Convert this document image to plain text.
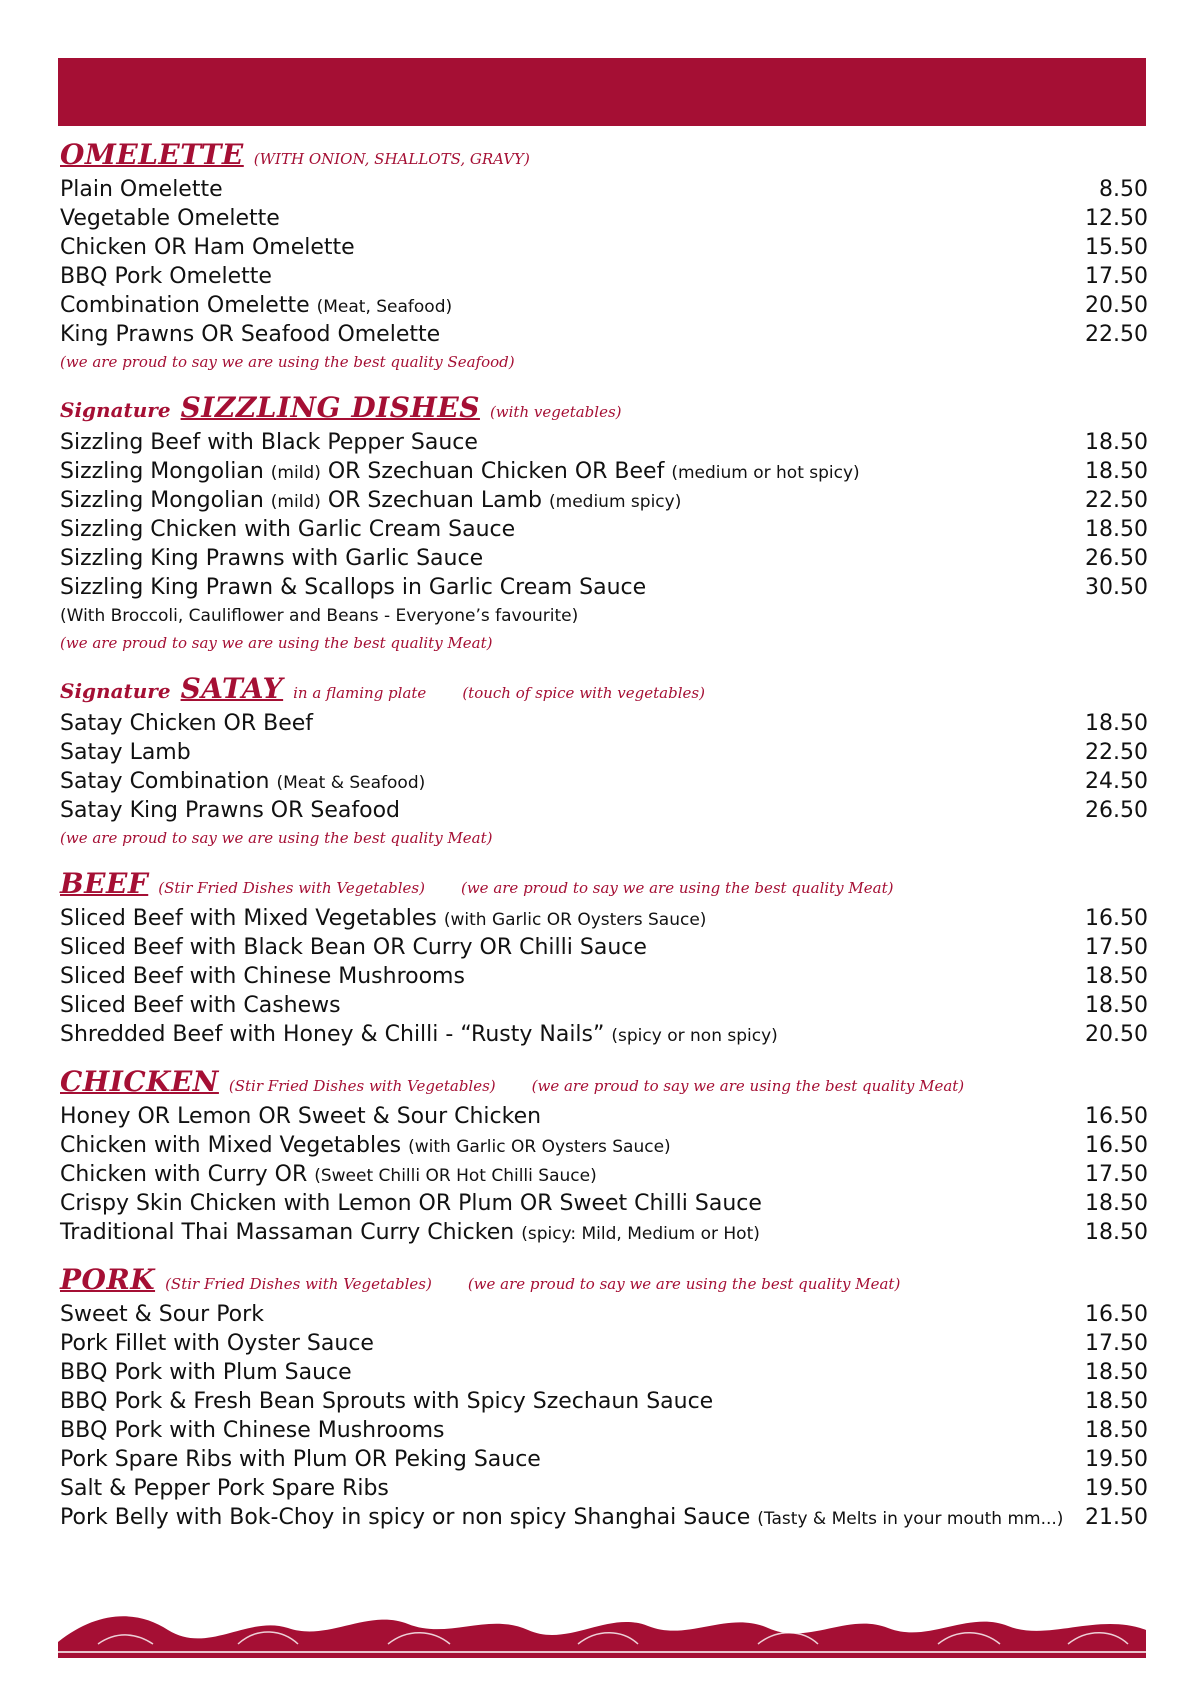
OMELETTE (WITH ONION, SHALLOTS, GRAVY)
Plain Omelette	8.50
Vegetable Omelette	12.50
Chicken OR Ham Omelette	15.50
BBQ Pork Omelette	17.50
Combination Omelette (Meat, Seafood)	20.50
King Prawns OR Seafood Omelette	22.50
(we are proud to say we are using the best quality Seafood)
Signature SIZZLING DISHES (with vegetables)
Sizzling Beef with Black Pepper Sauce	18.50
Sizzling Mongolian (mild) OR Szechuan Chicken OR Beef (medium or hot spicy)	18.50
Sizzling Mongolian (mild) OR Szechuan Lamb (medium spicy)	22.50
Sizzling Chicken with Garlic Cream Sauce	18.50
Sizzling King Prawns with Garlic Sauce	26.50
Sizzling King Prawn & Scallops in Garlic Cream Sauce	30.50
(With Broccoli, Cauliflower and Beans - Everyone’s favourite)
(we are proud to say we are using the best quality Meat)
Signature SATAY in a flaming plate (touch of spice with vegetables)
Satay Chicken OR Beef	18.50
Satay Lamb	22.50
Satay Combination (Meat & Seafood)	24.50
Satay King Prawns OR Seafood	26.50
(we are proud to say we are using the best quality Meat)
BEEF (Stir Fried Dishes with Vegetables) (we are proud to say we are using the best quality Meat)
Sliced Beef with Mixed Vegetables (with Garlic OR Oysters Sauce)	16.50
Sliced Beef with Black Bean OR Curry OR Chilli Sauce	17.50
Sliced Beef with Chinese Mushrooms	18.50
Sliced Beef with Cashews	18.50
Shredded Beef with Honey & Chilli - “Rusty Nails” (spicy or non spicy)	20.50
CHICKEN (Stir Fried Dishes with Vegetables) (we are proud to say we are using the best quality Meat)
Honey OR Lemon OR Sweet & Sour Chicken	16.50
Chicken with Mixed Vegetables (with Garlic OR Oysters Sauce)	16.50
Chicken with Curry OR (Sweet Chilli OR Hot Chilli Sauce)	17.50
Crispy Skin Chicken with Lemon OR Plum OR Sweet Chilli Sauce	18.50
Traditional Thai Massaman Curry Chicken (spicy: Mild, Medium or Hot)	18.50
PORK (Stir Fried Dishes with Vegetables) (we are proud to say we are using the best quality Meat)
Sweet & Sour Pork	16.50
Pork Fillet with Oyster Sauce	17.50
BBQ Pork with Plum Sauce	18.50
BBQ Pork & Fresh Bean Sprouts with Spicy Szechaun Sauce	18.50
BBQ Pork with Chinese Mushrooms	18.50
Pork Spare Ribs with Plum OR Peking Sauce	19.50
Salt & Pepper Pork Spare Ribs	19.50
Pork Belly with Bok-Choy in spicy or non spicy Shanghai Sauce (Tasty & Melts in your mouth mm...) 21.50
